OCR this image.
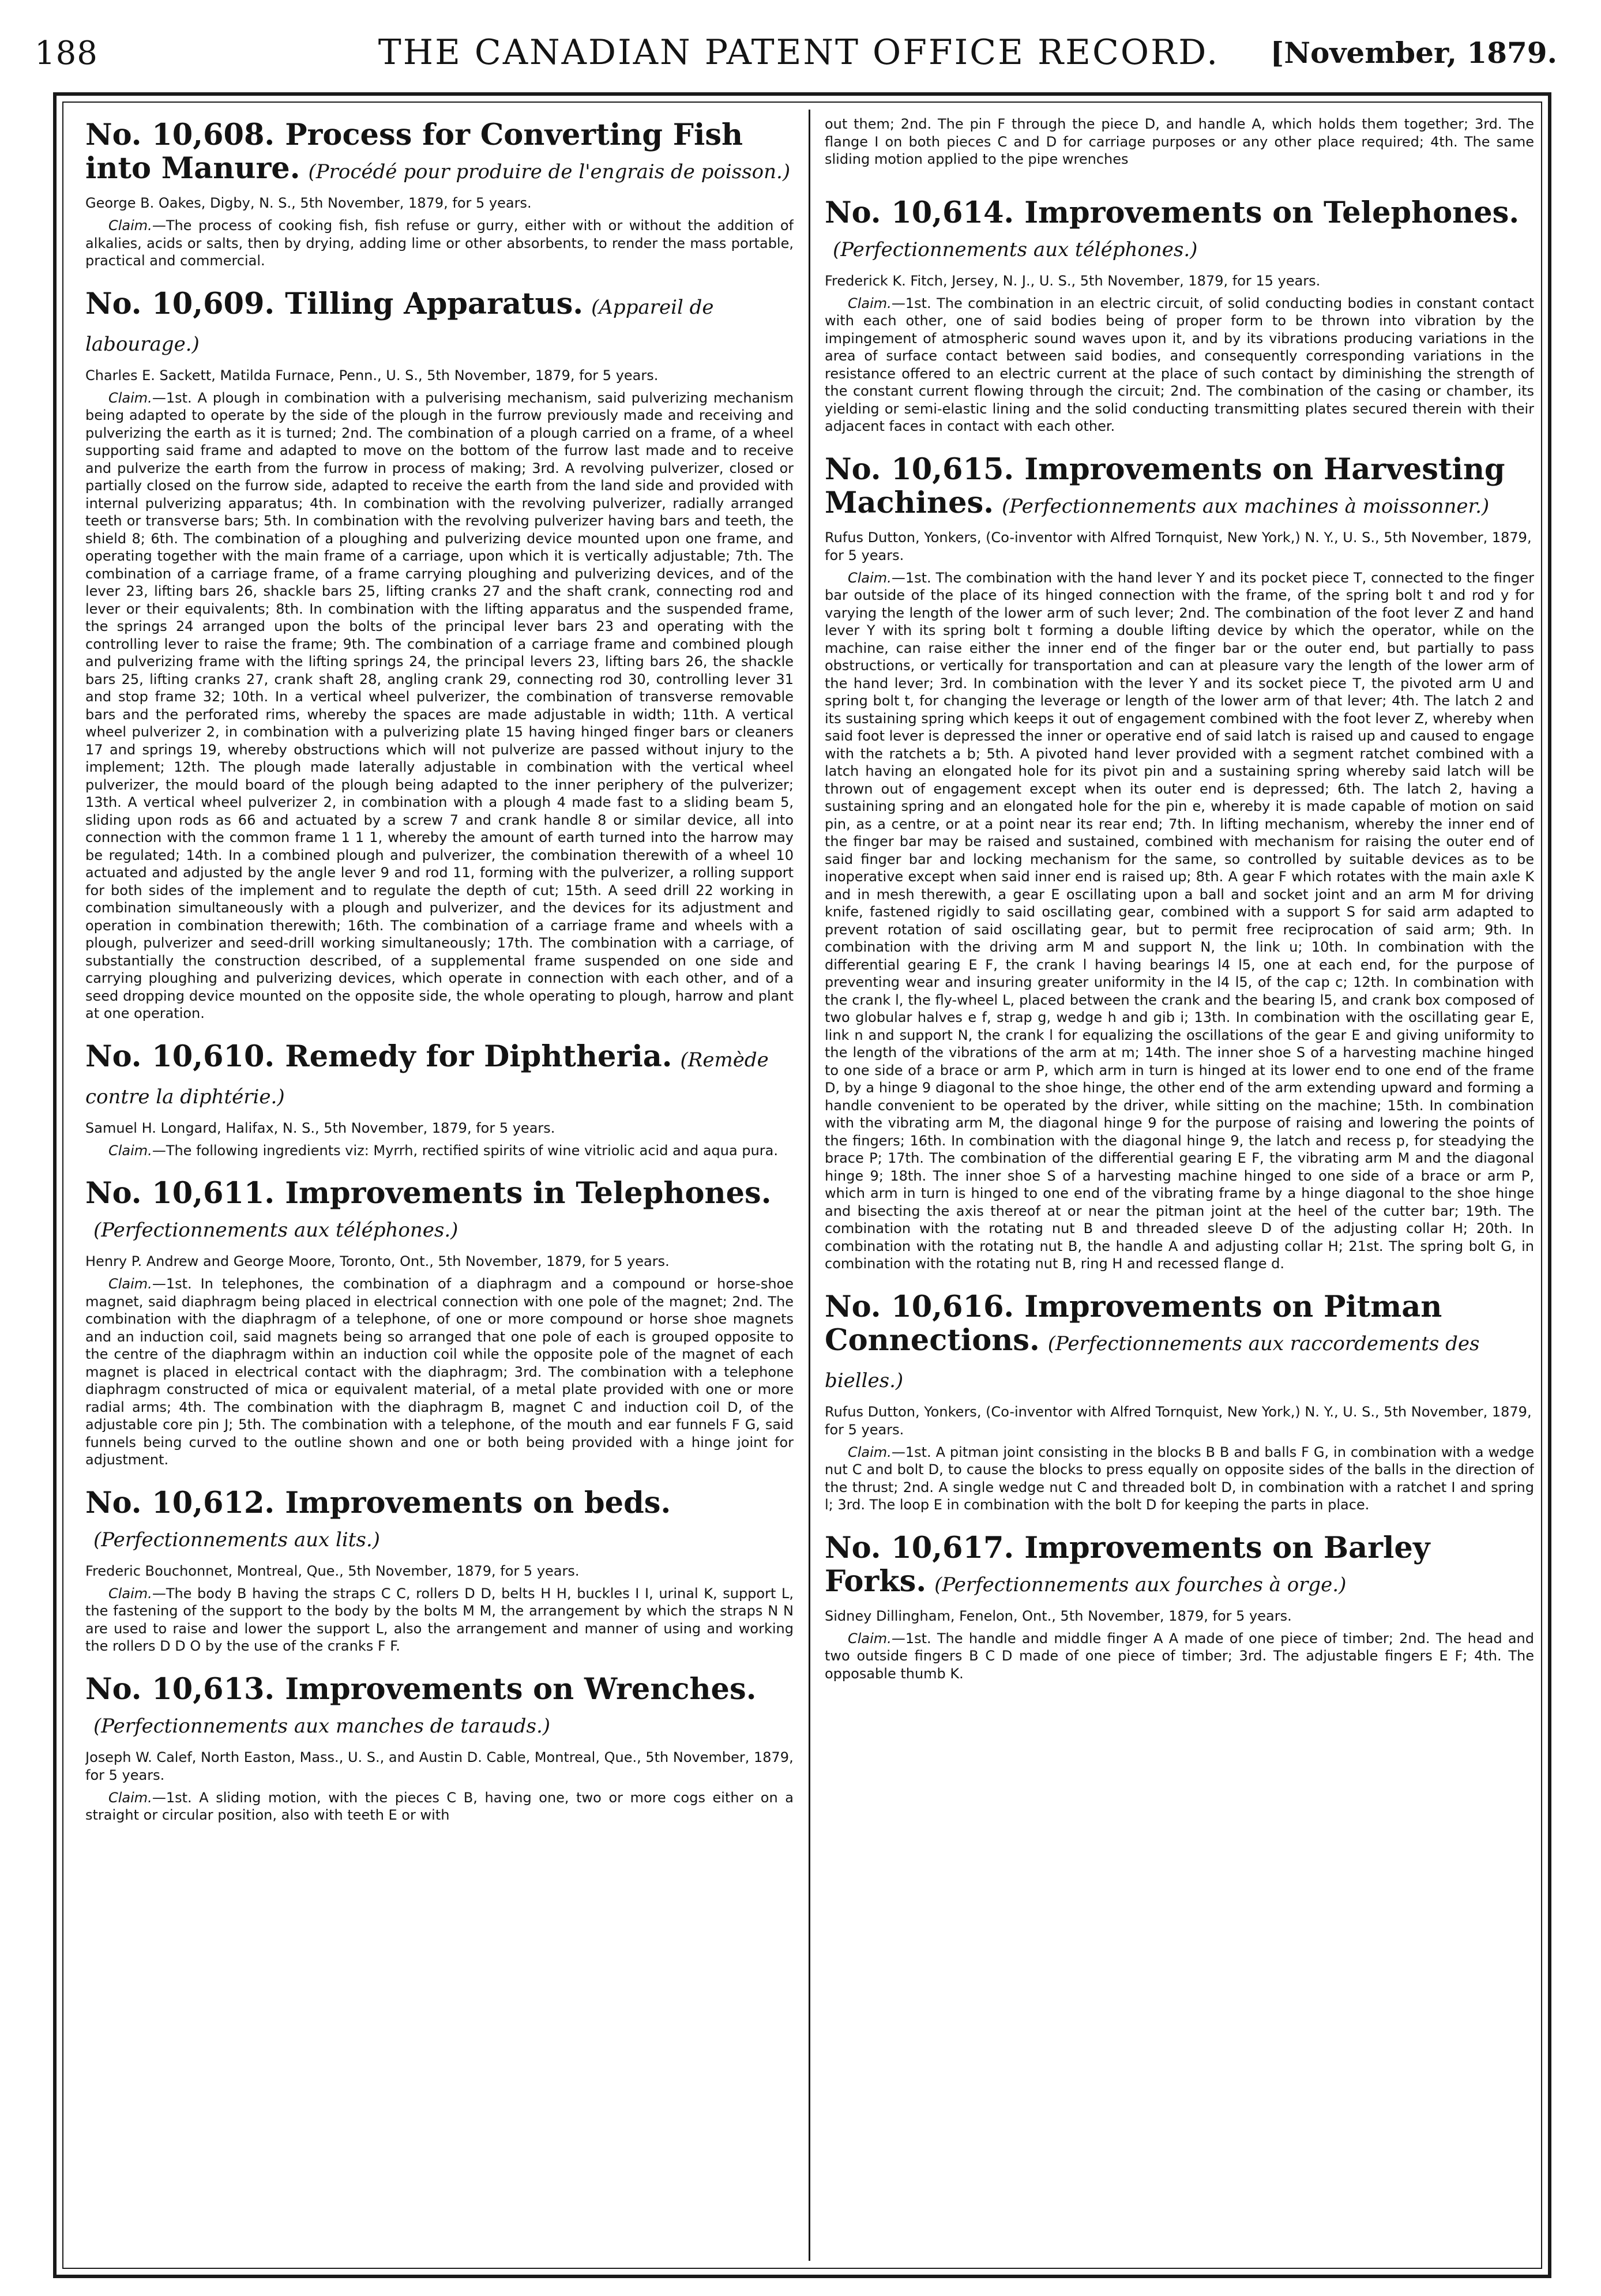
188	THE CANADIAN PATENT OFFICE RECORD.	[November, 1879.
No. 10,608. Process for Converting Fish into Manure. (Procédé pour produire de l'engrais de poisson.)
George B. Oakes, Digby, N. S., 5th November, 1879, for 5 years.

Claim.—The process of cooking fish, fish refuse or gurry, either with or without the addition of alkalies, acids or salts, then by drying, adding lime or other absorbents, to render the mass portable, practical and commercial.

No. 10,609. Tilling Apparatus. (Appareil de labourage.)
Charles E. Sackett, Matilda Furnace, Penn., U. S., 5th November, 1879, for 5 years.

Claim.—1st. A plough in combination with a pulverising mechanism, said pulverizing mechanism being adapted to operate by the side of the plough in the furrow previously made and receiving and pulverizing the earth as it is turned; 2nd. The combination of a plough carried on a frame, of a wheel supporting said frame and adapted to move on the bottom of the furrow last made and to receive and pulverize the earth from the furrow in process of making; 3rd. A revolving pulverizer, closed or partially closed on the furrow side, adapted to receive the earth from the land side and provided with internal pulverizing apparatus; 4th. In combination with the revolving pulverizer, radially arranged teeth or transverse bars; 5th. In combination with the revolving pulverizer having bars and teeth, the shield 8; 6th. The combination of a ploughing and pulverizing device mounted upon one frame, and operating together with the main frame of a carriage, upon which it is vertically adjustable; 7th. The combination of a carriage frame, of a frame carrying ploughing and pulverizing devices, and of the lever 23, lifting bars 26, shackle bars 25, lifting cranks 27 and the shaft crank, connecting rod and lever or their equivalents; 8th. In combination with the lifting apparatus and the suspended frame, the springs 24 arranged upon the bolts of the principal lever bars 23 and operating with the controlling lever to raise the frame; 9th. The combination of a carriage frame and combined plough and pulverizing frame with the lifting springs 24, the principal levers 23, lifting bars 26, the shackle bars 25, lifting cranks 27, crank shaft 28, angling crank 29, connecting rod 30, controlling lever 31 and stop frame 32; 10th. In a vertical wheel pulverizer, the combination of transverse removable bars and the perforated rims, whereby the spaces are made adjustable in width; 11th. A vertical wheel pulverizer 2, in combination with a pulverizing plate 15 having hinged finger bars or cleaners 17 and springs 19, whereby obstructions which will not pulverize are passed without injury to the implement; 12th. The plough made laterally adjustable in combination with the vertical wheel pulverizer, the mould board of the plough being adapted to the inner periphery of the pulverizer; 13th. A vertical wheel pulverizer 2, in combination with a plough 4 made fast to a sliding beam 5, sliding upon rods as 66 and actuated by a screw 7 and crank handle 8 or similar device, all into connection with the common frame 1 1 1, whereby the amount of earth turned into the harrow may be regulated; 14th. In a combined plough and pulverizer, the combination therewith of a wheel 10 actuated and adjusted by the angle lever 9 and rod 11, forming with the pulverizer, a rolling support for both sides of the implement and to regulate the depth of cut; 15th. A seed drill 22 working in combination simultaneously with a plough and pulverizer, and the devices for its adjustment and operation in combination therewith; 16th. The combination of a carriage frame and wheels with a plough, pulverizer and seed-drill working simultaneously; 17th. The combination with a carriage, of substantially the construction described, of a supplemental frame suspended on one side and carrying ploughing and pulverizing devices, which operate in connection with each other, and of a seed dropping device mounted on the opposite side, the whole operating to plough, harrow and plant at one operation.

No. 10,610. Remedy for Diphtheria. (Remède contre la diphtérie.)
Samuel H. Longard, Halifax, N. S., 5th November, 1879, for 5 years.

Claim.—The following ingredients viz: Myrrh, rectified spirits of wine vitriolic acid and aqua pura.

No. 10,611. Improvements in Telephones.(Perfectionnements aux téléphones.)
Henry P. Andrew and George Moore, Toronto, Ont., 5th November, 1879, for 5 years.

Claim.—1st. In telephones, the combination of a diaphragm and a compound or horse-shoe magnet, said diaphragm being placed in electrical connection with one pole of the magnet; 2nd. The combination with the diaphragm of a telephone, of one or more compound or horse shoe magnets and an induction coil, said magnets being so arranged that one pole of each is grouped opposite to the centre of the diaphragm within an induction coil while the opposite pole of the magnet of each magnet is placed in electrical contact with the diaphragm; 3rd. The combination with a telephone diaphragm constructed of mica or equivalent material, of a metal plate provided with one or more radial arms; 4th. The combination with the diaphragm B, magnet C and induction coil D, of the adjustable core pin J; 5th. The combination with a telephone, of the mouth and ear funnels F G, said funnels being curved to the outline shown and one or both being provided with a hinge joint for adjustment.

No. 10,612. Improvements on beds.(Perfectionnements aux lits.)
Frederic Bouchonnet, Montreal, Que., 5th November, 1879, for 5 years.

Claim.—The body B having the straps C C, rollers D D, belts H H, buckles I I, urinal K, support L, the fastening of the support to the body by the bolts M M, the arrangement by which the straps N N are used to raise and lower the support L, also the arrangement and manner of using and working the rollers D D O by the use of the cranks F F.

No. 10,613. Improvements on Wrenches.(Perfectionnements aux manches de tarauds.)
Joseph W. Calef, North Easton, Mass., U. S., and Austin D. Cable, Montreal, Que., 5th November, 1879, for 5 years.

Claim.—1st. A sliding motion, with the pieces C B, having one, two or more cogs either on a straight or circular position, also with teeth E or with

out them; 2nd. The pin F through the piece D, and handle A, which holds them together; 3rd. The flange I on both pieces C and D for carriage purposes or any other place required; 4th. The same sliding motion applied to the pipe wrenches

No. 10,614. Improvements on Telephones.(Perfectionnements aux téléphones.)
Frederick K. Fitch, Jersey, N. J., U. S., 5th November, 1879, for 15 years.

Claim.—1st. The combination in an electric circuit, of solid conducting bodies in constant contact with each other, one of said bodies being of proper form to be thrown into vibration by the impingement of atmospheric sound waves upon it, and by its vibrations producing variations in the area of surface contact between said bodies, and consequently corresponding variations in the resistance offered to an electric current at the place of such contact by diminishing the strength of the constant current flowing through the circuit; 2nd. The combination of the casing or chamber, its yielding or semi-elastic lining and the solid conducting transmitting plates secured therein with their adjacent faces in contact with each other.

No. 10,615. Improvements on Harvesting Machines. (Perfectionnements aux machines à moissonner.)
Rufus Dutton, Yonkers, (Co-inventor with Alfred Tornquist, New York,) N. Y., U. S., 5th November, 1879, for 5 years.

Claim.—1st. The combination with the hand lever Y and its pocket piece T, connected to the finger bar outside of the place of its hinged connection with the frame, of the spring bolt t and rod y for varying the length of the lower arm of such lever; 2nd. The combination of the foot lever Z and hand lever Y with its spring bolt t forming a double lifting device by which the operator, while on the machine, can raise either the inner end of the finger bar or the outer end, but partially to pass obstructions, or vertically for transportation and can at pleasure vary the length of the lower arm of the hand lever; 3rd. In combination with the lever Y and its socket piece T, the pivoted arm U and spring bolt t, for changing the leverage or length of the lower arm of that lever; 4th. The latch 2 and its sustaining spring which keeps it out of engagement combined with the foot lever Z, whereby when said foot lever is depressed the inner or operative end of said latch is raised up and caused to engage with the ratchets a b; 5th. A pivoted hand lever provided with a segment ratchet combined with a latch having an elongated hole for its pivot pin and a sustaining spring whereby said latch will be thrown out of engagement except when its outer end is depressed; 6th. The latch 2, having a sustaining spring and an elongated hole for the pin e, whereby it is made capable of motion on said pin, as a centre, or at a point near its rear end; 7th. In lifting mechanism, whereby the inner end of the finger bar may be raised and sustained, combined with mechanism for raising the outer end of said finger bar and locking mechanism for the same, so controlled by suitable devices as to be inoperative except when said inner end is raised up; 8th. A gear F which rotates with the main axle K and in mesh therewith, a gear E oscillating upon a ball and socket joint and an arm M for driving knife, fastened rigidly to said oscillating gear, combined with a support S for said arm adapted to prevent rotation of said oscillating gear, but to permit free reciprocation of said arm; 9th. In combination with the driving arm M and support N, the link u; 10th. In combination with the differential gearing E F, the crank l having bearings l4 l5, one at each end, for the purpose of preventing wear and insuring greater uniformity in the l4 l5, of the cap c; 12th. In combination with the crank l, the fly-wheel L, placed between the crank and the bearing l5, and crank box composed of two globular halves e f, strap g, wedge h and gib i; 13th. In combination with the oscillating gear E, link n and support N, the crank l for equalizing the oscillations of the gear E and giving uniformity to the length of the vibrations of the arm at m; 14th. The inner shoe S of a harvesting machine hinged to one side of a brace or arm P, which arm in turn is hinged at its lower end to one end of the frame D, by a hinge 9 diagonal to the shoe hinge, the other end of the arm extending upward and forming a handle convenient to be operated by the driver, while sitting on the machine; 15th. In combination with the vibrating arm M, the diagonal hinge 9 for the purpose of raising and lowering the points of the fingers; 16th. In combination with the diagonal hinge 9, the latch and recess p, for steadying the brace P; 17th. The combination of the differential gearing E F, the vibrating arm M and the diagonal hinge 9; 18th. The inner shoe S of a harvesting machine hinged to one side of a brace or arm P, which arm in turn is hinged to one end of the vibrating frame by a hinge diagonal to the shoe hinge and bisecting the axis thereof at or near the pitman joint at the heel of the cutter bar; 19th. The combination with the rotating nut B and threaded sleeve D of the adjusting collar H; 20th. In combination with the rotating nut B, the handle A and adjusting collar H; 21st. The spring bolt G, in combination with the rotating nut B, ring H and recessed flange d.

No. 10,616. Improvements on Pitman Connections. (Perfectionnements aux raccordements des bielles.)
Rufus Dutton, Yonkers, (Co-inventor with Alfred Tornquist, New York,) N. Y., U. S., 5th November, 1879, for 5 years.

Claim.—1st. A pitman joint consisting in the blocks B B and balls F G, in combination with a wedge nut C and bolt D, to cause the blocks to press equally on opposite sides of the balls in the direction of the thrust; 2nd. A single wedge nut C and threaded bolt D, in combination with a ratchet I and spring l; 3rd. The loop E in combination with the bolt D for keeping the parts in place.

No. 10,617. Improvements on Barley Forks. (Perfectionnements aux fourches à orge.)
Sidney Dillingham, Fenelon, Ont., 5th November, 1879, for 5 years.

Claim.—1st. The handle and middle finger A A made of one piece of timber; 2nd. The head and two outside fingers B C D made of one piece of timber; 3rd. The adjustable fingers E F; 4th. The opposable thumb K.
